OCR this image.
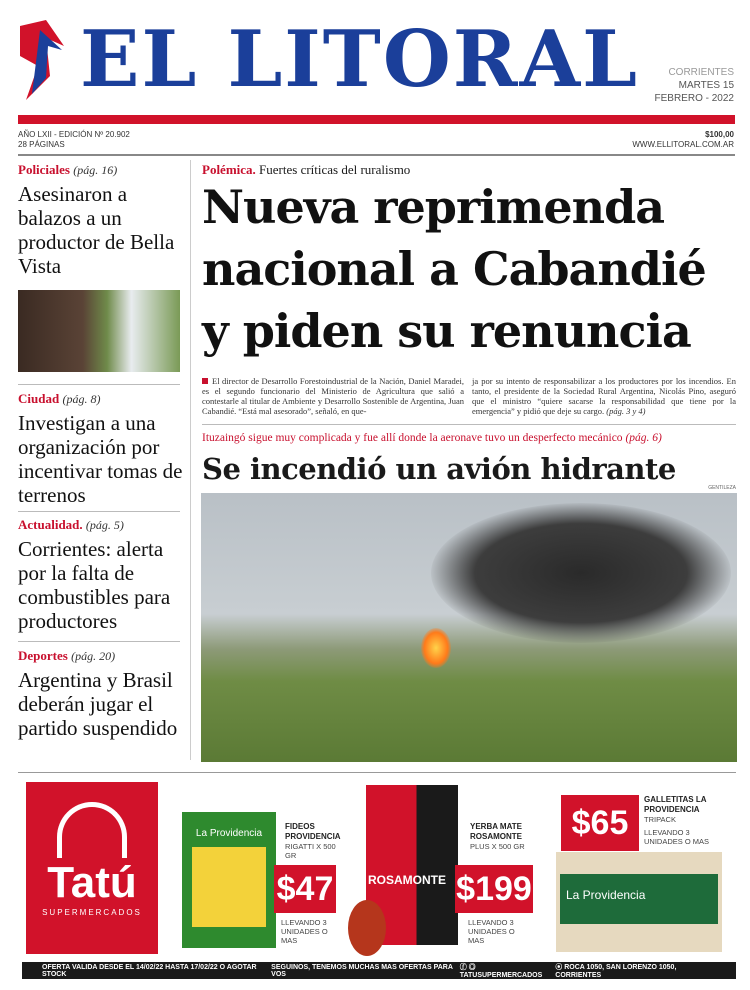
EL LITORAL	CORRIENTES
MARTES 15
FEBRERO - 2022
AÑO LXII - EDICIÓN Nº 20.902
28 PÁGINAS
$100,00
WWW.ELLITORAL.COM.AR
Policiales (pág. 16)
Asesinaron a balazos a un productor de Bella Vista
Ciudad (pág. 8)
Investigan a una organización por incentivar tomas de terrenos
Actualidad. (pág. 5)
Corrientes: alerta por la falta de combustibles para productores
Deportes (pág. 20)
Argentina y Brasil deberán jugar el partido suspendido
Polémica. Fuertes críticas del ruralismo
Nueva reprimenda nacional a Cabandié y piden su renuncia
El director de Desarrollo Forestoindustrial de la Nación, Daniel Maradei, es el segundo funcionario del Ministerio de Agricultura que salió a contestarle al titular de Ambiente y Desarrollo Sostenible de Argentina, Juan Cabandié. “Está mal asesorado”, señaló, en que-
ja por su intento de responsabilizar a los productores por los incendios. En tanto, el presidente de la Sociedad Rural Argentina, Nicolás Pino, aseguró que el ministro “quiere sacarse la responsabilidad que tiene por la emergencia” y pidió que deje su cargo. (pág. 3 y 4)
Ituzaingó sigue muy complicada y fue allí donde la aeronave tuvo un desperfecto mecánico (pág. 6)
Se incendió un avión hidrante
GENTILEZA
Tatú
SUPERMERCADOS
La Providencia
FIDEOS PROVIDENCIA
RIGATTI X 500 GR
$47
LLEVANDO 3 UNIDADES O MAS
ROSAMONTE
YERBA MATE ROSAMONTE
PLUS X 500 GR
$199
LLEVANDO 3 UNIDADES O MAS
$65
GALLETITAS LA PROVIDENCIA
TRIPACK
LLEVANDO 3 UNIDADES O MAS
La Providencia
OFERTA VALIDA DESDE EL 14/02/22 HASTA 17/02/22 O AGOTAR STOCK
SEGUINOS, TENEMOS MUCHAS MAS OFERTAS PARA VOS
ⓕ ◎ TATUSUPERMERCADOS
⦿ ROCA 1050, SAN LORENZO 1050, CORRIENTES
